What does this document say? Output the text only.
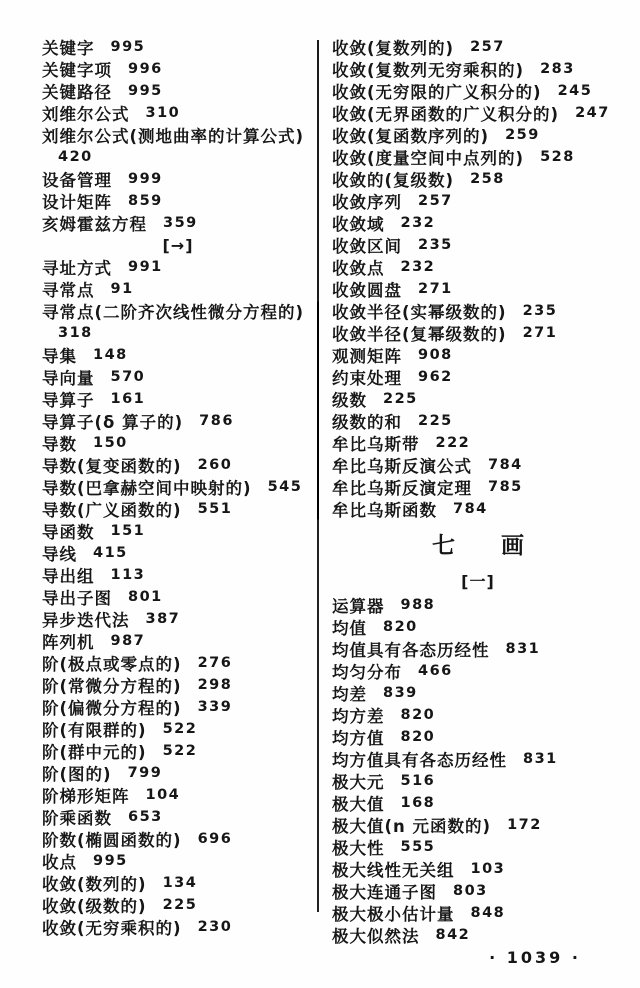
关键字 995
关键字项 996
关键路径 995
刘维尔公式 310
刘维尔公式(测地曲率的计算公式)
420
设备管理 999
设计矩阵 859
亥姆霍兹方程 359
[→]
寻址方式 991
寻常点 91
寻常点(二阶齐次线性微分方程的)
318
导集 148
导向量 570
导算子 161
导算子(δ 算子的) 786
导数 150
导数(复变函数的) 260
导数(巴拿赫空间中映射的) 545
导数(广义函数的) 551
导函数 151
导线 415
导出组 113
导出子图 801
异步迭代法 387
阵列机 987
阶(极点或零点的) 276
阶(常微分方程的) 298
阶(偏微分方程的) 339
阶(有限群的) 522
阶(群中元的) 522
阶(图的) 799
阶梯形矩阵 104
阶乘函数 653
阶数(椭圆函数的) 696
收点 995
收敛(数列的) 134
收敛(级数的) 225
收敛(无穷乘积的) 230
收敛(复数列的) 257
收敛(复数列无穷乘积的) 283
收敛(无穷限的广义积分的) 245
收敛(无界函数的广义积分的) 247
收敛(复函数序列的) 259
收敛(度量空间中点列的) 528
收敛的(复级数) 258
收敛序列 257
收敛域 232
收敛区间 235
收敛点 232
收敛圆盘 271
收敛半径(实幂级数的) 235
收敛半径(复幂级数的) 271
观测矩阵 908
约束处理 962
级数 225
级数的和 225
牟比乌斯带 222
牟比乌斯反演公式 784
牟比乌斯反演定理 785
牟比乌斯函数 784
七　　画
[一]
运算器 988
均值 820
均值具有各态历经性 831
均匀分布 466
均差 839
均方差 820
均方值 820
均方值具有各态历经性 831
极大元 516
极大值 168
极大值(n 元函数的) 172
极大性 555
极大线性无关组 103
极大连通子图 803
极大极小估计量 848
极大似然法 842
· 1039 ·
